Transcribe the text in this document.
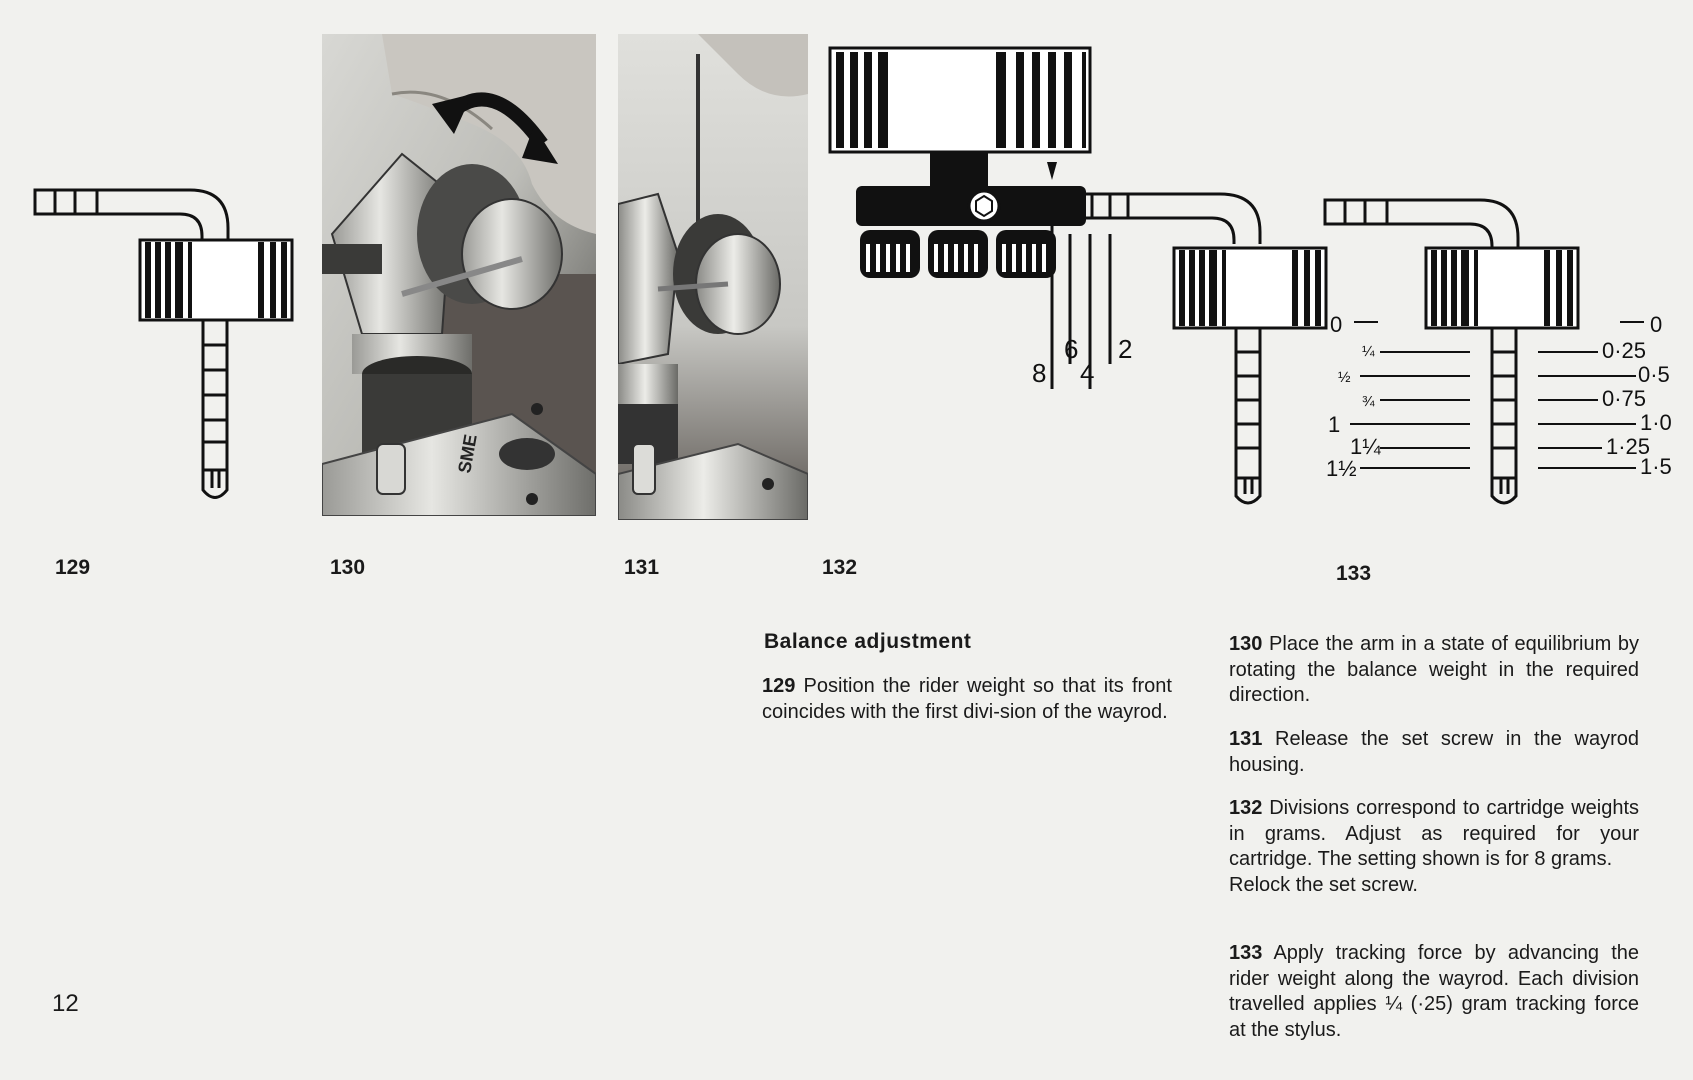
SME
6 2
8 4
0
¼
½
¾
1
1¼
1½
0
0·25
0·5
0·75
1·0
1·25
1·5
129	130	131	132	133
Balance adjustment

129 Position the rider weight so that its front coincides with the first divi-sion of the wayrod.

130 Place the arm in a state of equilibrium by rotating the balance weight in the required direction.

131 Release the set screw in the wayrod housing.

132 Divisions correspond to cartridge weights in grams. Adjust as required for your cartridge. The setting shown is for 8 grams.
Relock the set screw.

133 Apply tracking force by advancing the rider weight along the wayrod. Each division travelled applies ¼ (·25) gram tracking force at the stylus.

12
